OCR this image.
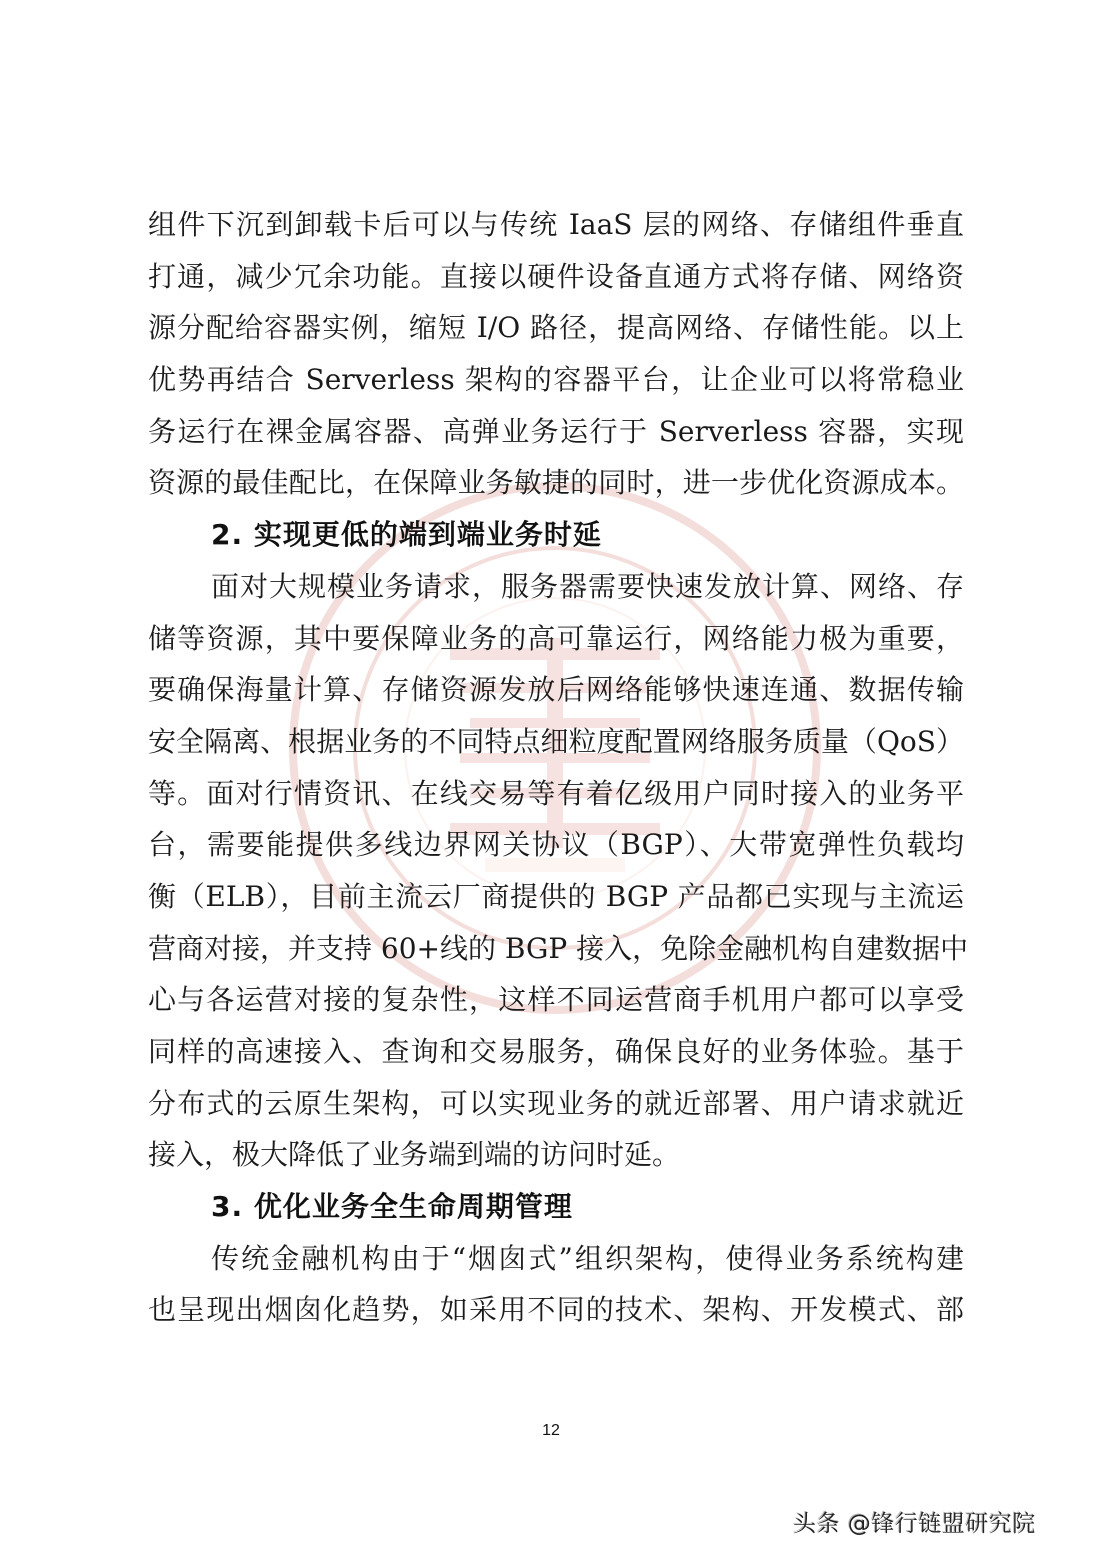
组件下沉到卸载卡后可以与传统 IaaS 层的网络、存储组件垂直
打通，减少冗余功能。直接以硬件设备直通方式将存储、网络资
源分配给容器实例，缩短 I/O 路径，提高网络、存储性能。以上
优势再结合 Serverless 架构的容器平台，让企业可以将常稳业
务运行在裸金属容器、高弹业务运行于 Serverless 容器，实现
资源的最佳配比，在保障业务敏捷的同时，进一步优化资源成本。
2. 实现更低的端到端业务时延
面对大规模业务请求，服务器需要快速发放计算、网络、存
储等资源，其中要保障业务的高可靠运行，网络能力极为重要，
要确保海量计算、存储资源发放后网络能够快速连通、数据传输
安全隔离、根据业务的不同特点细粒度配置网络服务质量（QoS）
等。面对行情资讯、在线交易等有着亿级用户同时接入的业务平
台，需要能提供多线边界网关协议（BGP）、大带宽弹性负载均
衡（ELB），目前主流云厂商提供的 BGP 产品都已实现与主流运
营商对接，并支持 60+线的 BGP 接入，免除金融机构自建数据中
心与各运营对接的复杂性，这样不同运营商手机用户都可以享受
同样的高速接入、查询和交易服务，确保良好的业务体验。基于
分布式的云原生架构，可以实现业务的就近部署、用户请求就近
接入，极大降低了业务端到端的访问时延。
3. 优化业务全生命周期管理
传统金融机构由于“烟囱式”组织架构，使得业务系统构建
也呈现出烟囱化趋势，如采用不同的技术、架构、开发模式、部
12
头条 @锋行链盟研究院
